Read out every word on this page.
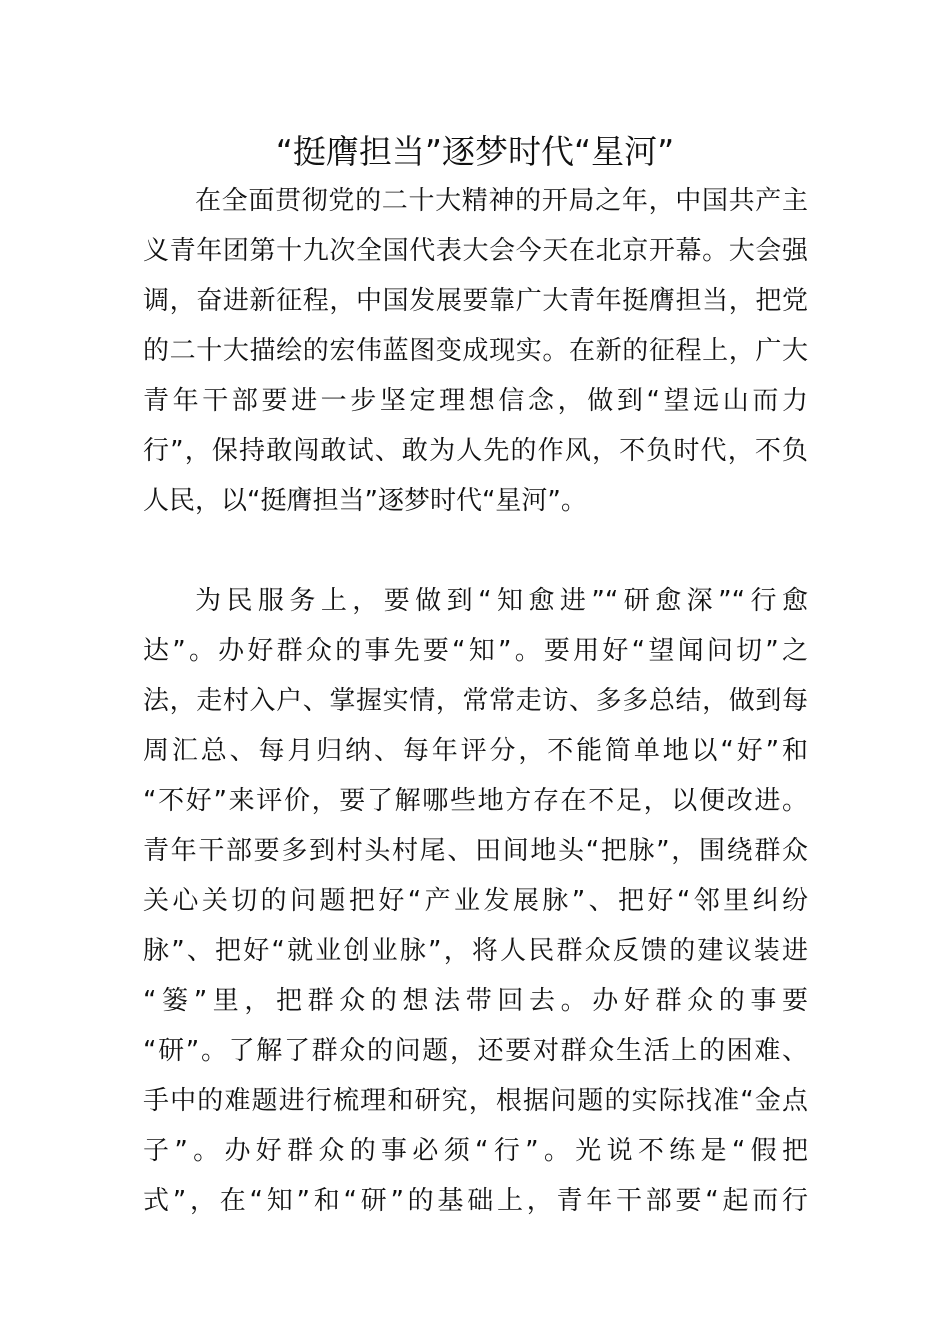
“挺膺担当”逐梦时代“星河”
在全面贯彻党的二十大精神的开局之年，中国共产主
义青年团第十九次全国代表大会今天在北京开幕。大会强
调，奋进新征程，中国发展要靠广大青年挺膺担当，把党
的二十大描绘的宏伟蓝图变成现实。在新的征程上，广大
青年干部要进一步坚定理想信念，做到“望远山而力
行”，保持敢闯敢试、敢为人先的作风，不负时代，不负
人民，以“挺膺担当”逐梦时代“星河”。
为民服务上，要做到“知愈进”“研愈深”“行愈
达”。办好群众的事先要“知”。要用好“望闻问切”之
法，走村入户、掌握实情，常常走访、多多总结，做到每
周汇总、每月归纳、每年评分，不能简单地以“好”和
“不好”来评价，要了解哪些地方存在不足，以便改进。
青年干部要多到村头村尾、田间地头“把脉”，围绕群众
关心关切的问题把好“产业发展脉”、把好“邻里纠纷
脉”、把好“就业创业脉”，将人民群众反馈的建议装进
“篓”里，把群众的想法带回去。办好群众的事要
“研”。了解了群众的问题，还要对群众生活上的困难、
手中的难题进行梳理和研究，根据问题的实际找准“金点
子”。办好群众的事必须“行”。光说不练是“假把
式”，在“知”和“研”的基础上，青年干部要“起而行
